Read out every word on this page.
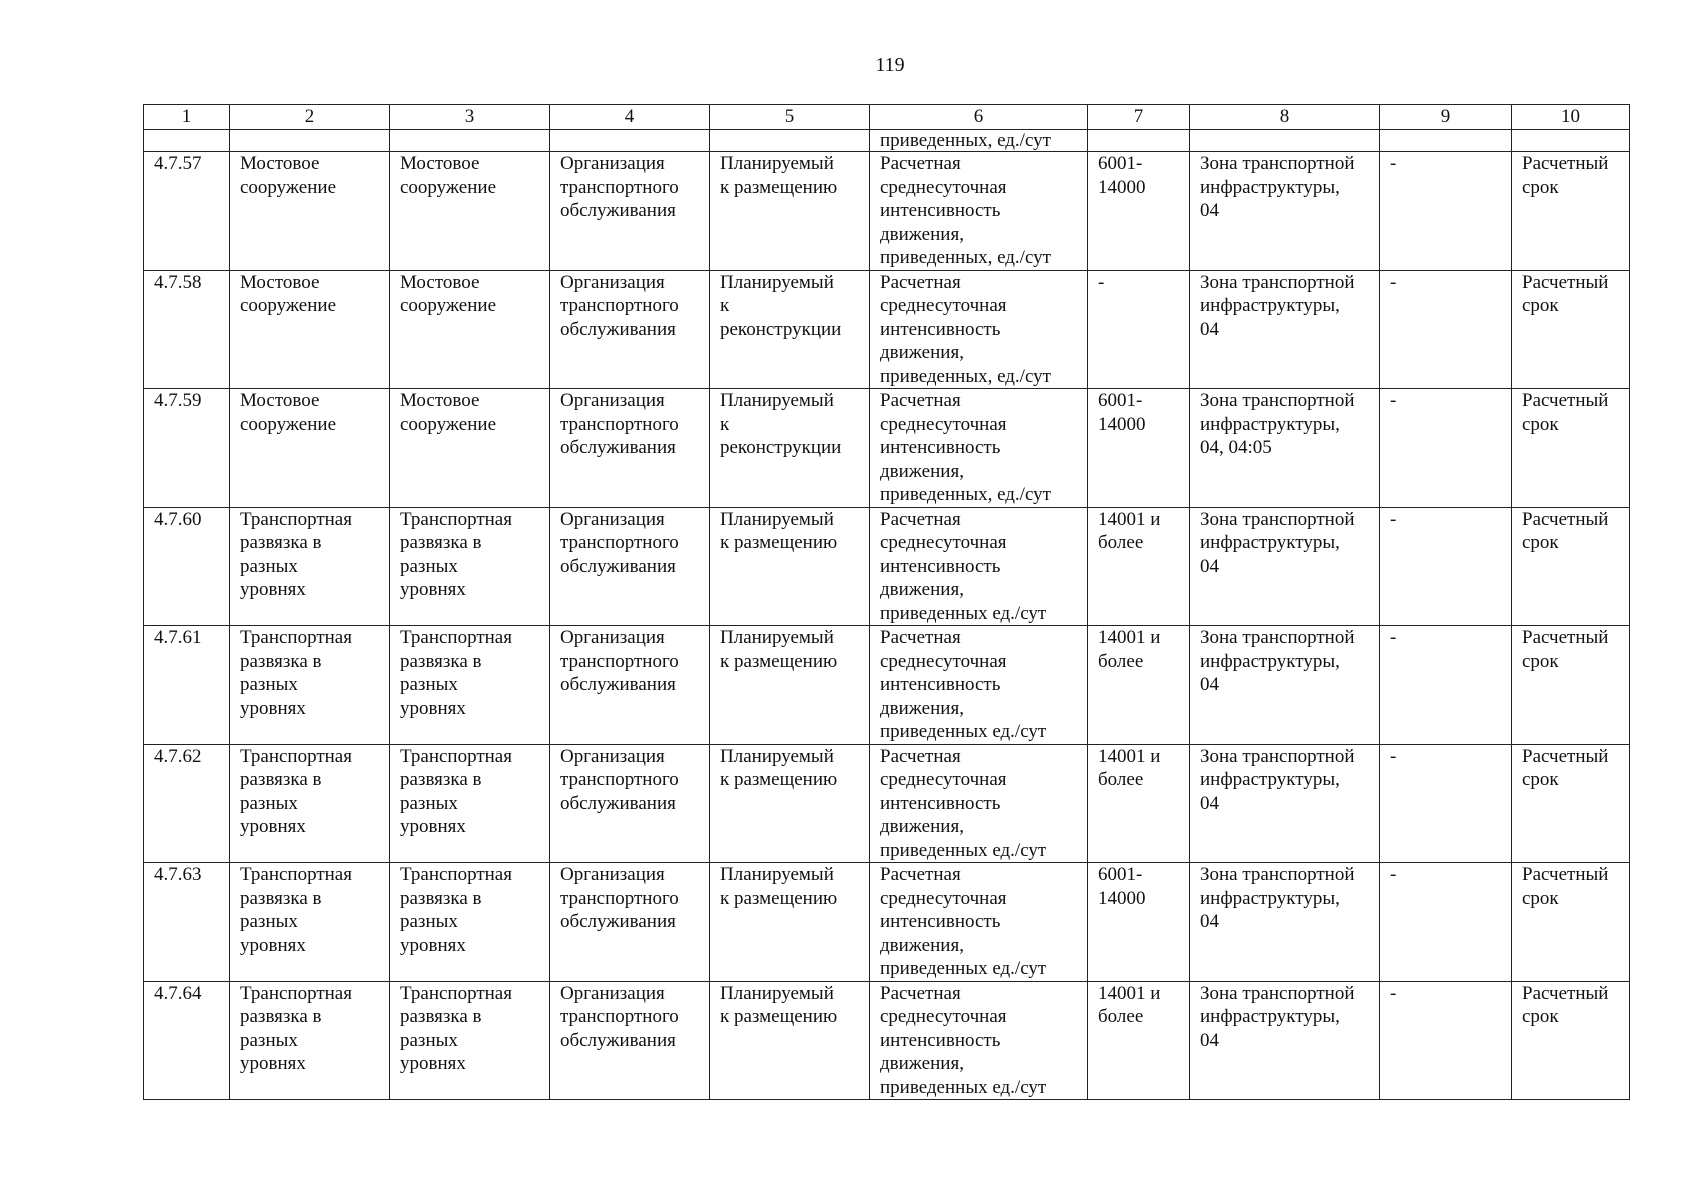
119
1	2	3	4	5	6	7	8	9	10
					приведенных, ед./сут				

4.7.57	Мостовое
сооружение	Мостовое
сооружение	Организация
транспортного
обслуживания	Планируемый
к размещению	Расчетная
среднесуточная
интенсивность
движения,
приведенных, ед./сут	6001-
14000	Зона транспортной
инфраструктуры,
04	-	Расчетный
срок

4.7.58	Мостовое
сооружение	Мостовое
сооружение	Организация
транспортного
обслуживания	Планируемый
к
реконструкции	Расчетная
среднесуточная
интенсивность
движения,
приведенных, ед./сут	-	Зона транспортной
инфраструктуры,
04	-	Расчетный
срок

4.7.59	Мостовое
сооружение	Мостовое
сооружение	Организация
транспортного
обслуживания	Планируемый
к
реконструкции	Расчетная
среднесуточная
интенсивность
движения,
приведенных, ед./сут	6001-
14000	Зона транспортной
инфраструктуры,
04, 04:05	-	Расчетный
срок

4.7.60	Транспортная
развязка в
разных
уровнях	Транспортная
развязка в
разных
уровнях	Организация
транспортного
обслуживания	Планируемый
к размещению	Расчетная
среднесуточная
интенсивность
движения,
приведенных ед./сут	14001 и
более	Зона транспортной
инфраструктуры,
04	-	Расчетный
срок

4.7.61	Транспортная
развязка в
разных
уровнях	Транспортная
развязка в
разных
уровнях	Организация
транспортного
обслуживания	Планируемый
к размещению	Расчетная
среднесуточная
интенсивность
движения,
приведенных ед./сут	14001 и
более	Зона транспортной
инфраструктуры,
04	-	Расчетный
срок

4.7.62	Транспортная
развязка в
разных
уровнях	Транспортная
развязка в
разных
уровнях	Организация
транспортного
обслуживания	Планируемый
к размещению	Расчетная
среднесуточная
интенсивность
движения,
приведенных ед./сут	14001 и
более	Зона транспортной
инфраструктуры,
04	-	Расчетный
срок

4.7.63	Транспортная
развязка в
разных
уровнях	Транспортная
развязка в
разных
уровнях	Организация
транспортного
обслуживания	Планируемый
к размещению	Расчетная
среднесуточная
интенсивность
движения,
приведенных ед./сут	6001-
14000	Зона транспортной
инфраструктуры,
04	-	Расчетный
срок

4.7.64	Транспортная
развязка в
разных
уровнях	Транспортная
развязка в
разных
уровнях	Организация
транспортного
обслуживания	Планируемый
к размещению	Расчетная
среднесуточная
интенсивность
движения,
приведенных ед./сут	14001 и
более	Зона транспортной
инфраструктуры,
04	-	Расчетный
срок
